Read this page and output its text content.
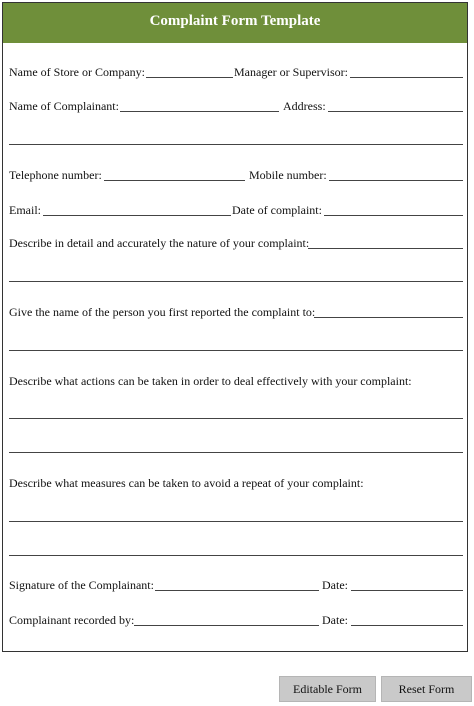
Complaint Form Template
Name of Store or Company:	Manager or Supervisor:
Name of Complainant:	Address:
Telephone number:	Mobile number:
Email:	Date of complaint:
Describe in detail and accurately the nature of your complaint:
Give the name of the person you first reported the complaint to:
Describe what actions can be taken in order to deal effectively with your complaint:
Describe what measures can be taken to avoid a repeat of your complaint:
Signature of the Complainant:	Date:
Complainant recorded by:	Date:
Editable Form	Reset Form
